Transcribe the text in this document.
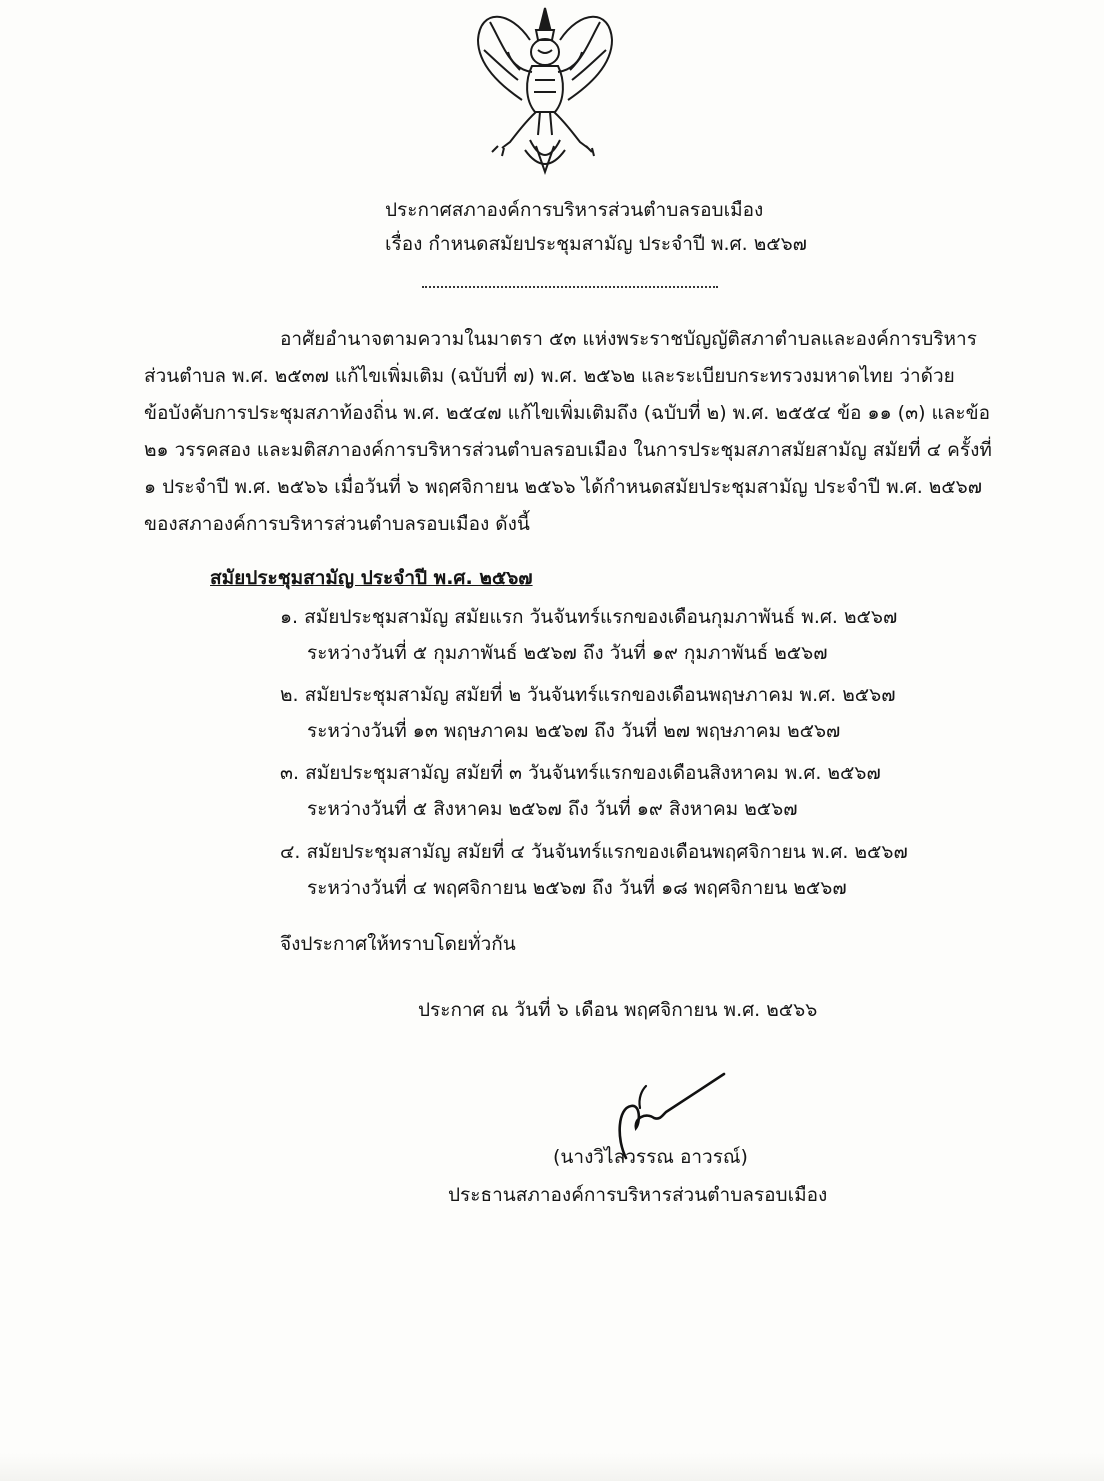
ประกาศสภาองค์การบริหารส่วนตำบลรอบเมือง
เรื่อง กำหนดสมัยประชุมสามัญ ประจำปี พ.ศ. ๒๕๖๗
อาศัยอำนาจตามความในมาตรา ๕๓ แห่งพระราชบัญญัติสภาตำบลและองค์การบริหาร
ส่วนตำบล พ.ศ. ๒๕๓๗ แก้ไขเพิ่มเติม (ฉบับที่ ๗) พ.ศ. ๒๕๖๒ และระเบียบกระทรวงมหาดไทย ว่าด้วย
ข้อบังคับการประชุมสภาท้องถิ่น พ.ศ. ๒๕๔๗ แก้ไขเพิ่มเติมถึง (ฉบับที่ ๒) พ.ศ. ๒๕๕๔ ข้อ ๑๑ (๓) และข้อ
๒๑ วรรคสอง และมติสภาองค์การบริหารส่วนตำบลรอบเมือง ในการประชุมสภาสมัยสามัญ สมัยที่ ๔ ครั้งที่
๑ ประจำปี พ.ศ. ๒๕๖๖ เมื่อวันที่ ๖ พฤศจิกายน ๒๕๖๖ ได้กำหนดสมัยประชุมสามัญ ประจำปี พ.ศ. ๒๕๖๗
ของสภาองค์การบริหารส่วนตำบลรอบเมือง ดังนี้
สมัยประชุมสามัญ ประจำปี พ.ศ. ๒๕๖๗
๑. สมัยประชุมสามัญ สมัยแรก วันจันทร์แรกของเดือนกุมภาพันธ์ พ.ศ. ๒๕๖๗
ระหว่างวันที่ ๕ กุมภาพันธ์ ๒๕๖๗ ถึง วันที่ ๑๙ กุมภาพันธ์ ๒๕๖๗
๒. สมัยประชุมสามัญ สมัยที่ ๒ วันจันทร์แรกของเดือนพฤษภาคม พ.ศ. ๒๕๖๗
ระหว่างวันที่ ๑๓ พฤษภาคม ๒๕๖๗ ถึง วันที่ ๒๗ พฤษภาคม ๒๕๖๗
๓. สมัยประชุมสามัญ สมัยที่ ๓ วันจันทร์แรกของเดือนสิงหาคม พ.ศ. ๒๕๖๗
ระหว่างวันที่ ๕ สิงหาคม ๒๕๖๗ ถึง วันที่ ๑๙ สิงหาคม ๒๕๖๗
๔. สมัยประชุมสามัญ สมัยที่ ๔ วันจันทร์แรกของเดือนพฤศจิกายน พ.ศ. ๒๕๖๗
ระหว่างวันที่ ๔ พฤศจิกายน ๒๕๖๗ ถึง วันที่ ๑๘ พฤศจิกายน ๒๕๖๗
จึงประกาศให้ทราบโดยทั่วกัน
ประกาศ ณ วันที่ ๖ เดือน พฤศจิกายน พ.ศ. ๒๕๖๖
(นางวิไลวรรณ อาวรณ์)
ประธานสภาองค์การบริหารส่วนตำบลรอบเมือง
